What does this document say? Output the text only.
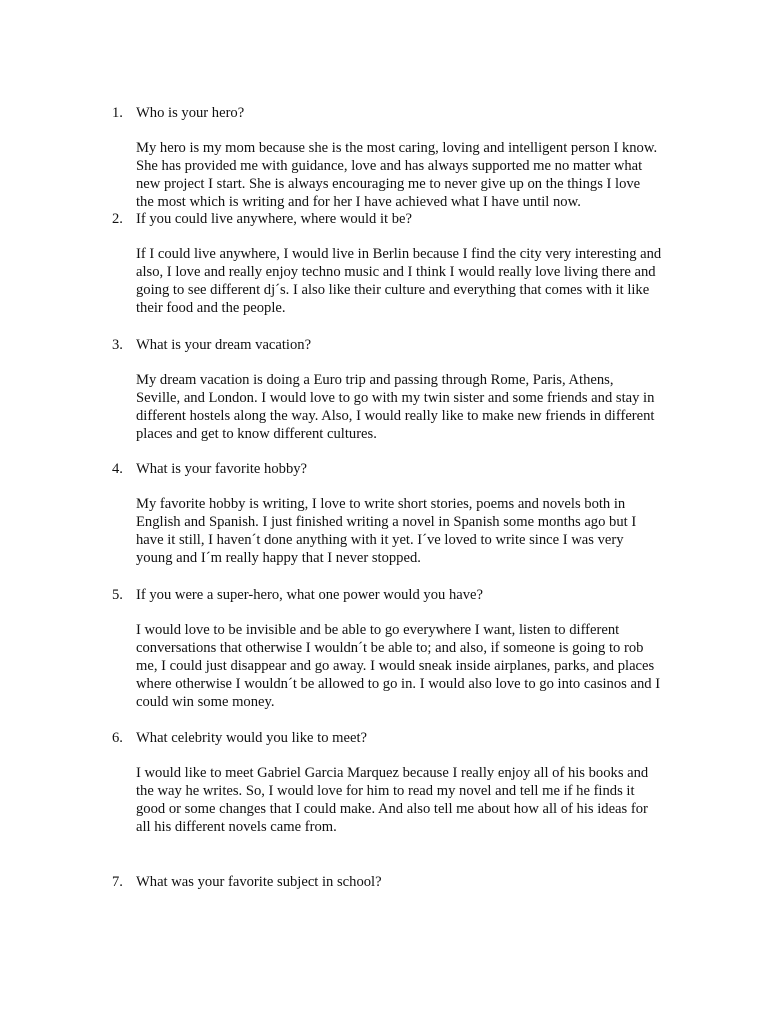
1. Who is your hero?

My hero is my mom because she is the most caring, loving and intelligent person I know.
She has provided me with guidance, love and has always supported me no matter what
new project I start. She is always encouraging me to never give up on the things I love
the most which is writing and for her I have achieved what I have until now.

2. If you could live anywhere, where would it be?

If I could live anywhere, I would live in Berlin because I find the city very interesting and
also, I love and really enjoy techno music and I think I would really love living there and
going to see different dj´s. I also like their culture and everything that comes with it like
their food and the people.

3. What is your dream vacation?

My dream vacation is doing a Euro trip and passing through Rome, Paris, Athens,
Seville, and London. I would love to go with my twin sister and some friends and stay in
different hostels along the way. Also, I would really like to make new friends in different
places and get to know different cultures.

4. What is your favorite hobby?

My favorite hobby is writing, I love to write short stories, poems and novels both in
English and Spanish. I just finished writing a novel in Spanish some months ago but I
have it still, I haven´t done anything with it yet. I´ve loved to write since I was very
young and I´m really happy that I never stopped.

5. If you were a super-hero, what one power would you have?

I would love to be invisible and be able to go everywhere I want, listen to different
conversations that otherwise I wouldn´t be able to; and also, if someone is going to rob
me, I could just disappear and go away. I would sneak inside airplanes, parks, and places
where otherwise I wouldn´t be allowed to go in. I would also love to go into casinos and I
could win some money.

6. What celebrity would you like to meet?

I would like to meet Gabriel Garcia Marquez because I really enjoy all of his books and
the way he writes. So, I would love for him to read my novel and tell me if he finds it
good or some changes that I could make. And also tell me about how all of his ideas for
all his different novels came from.

7. What was your favorite subject in school?
